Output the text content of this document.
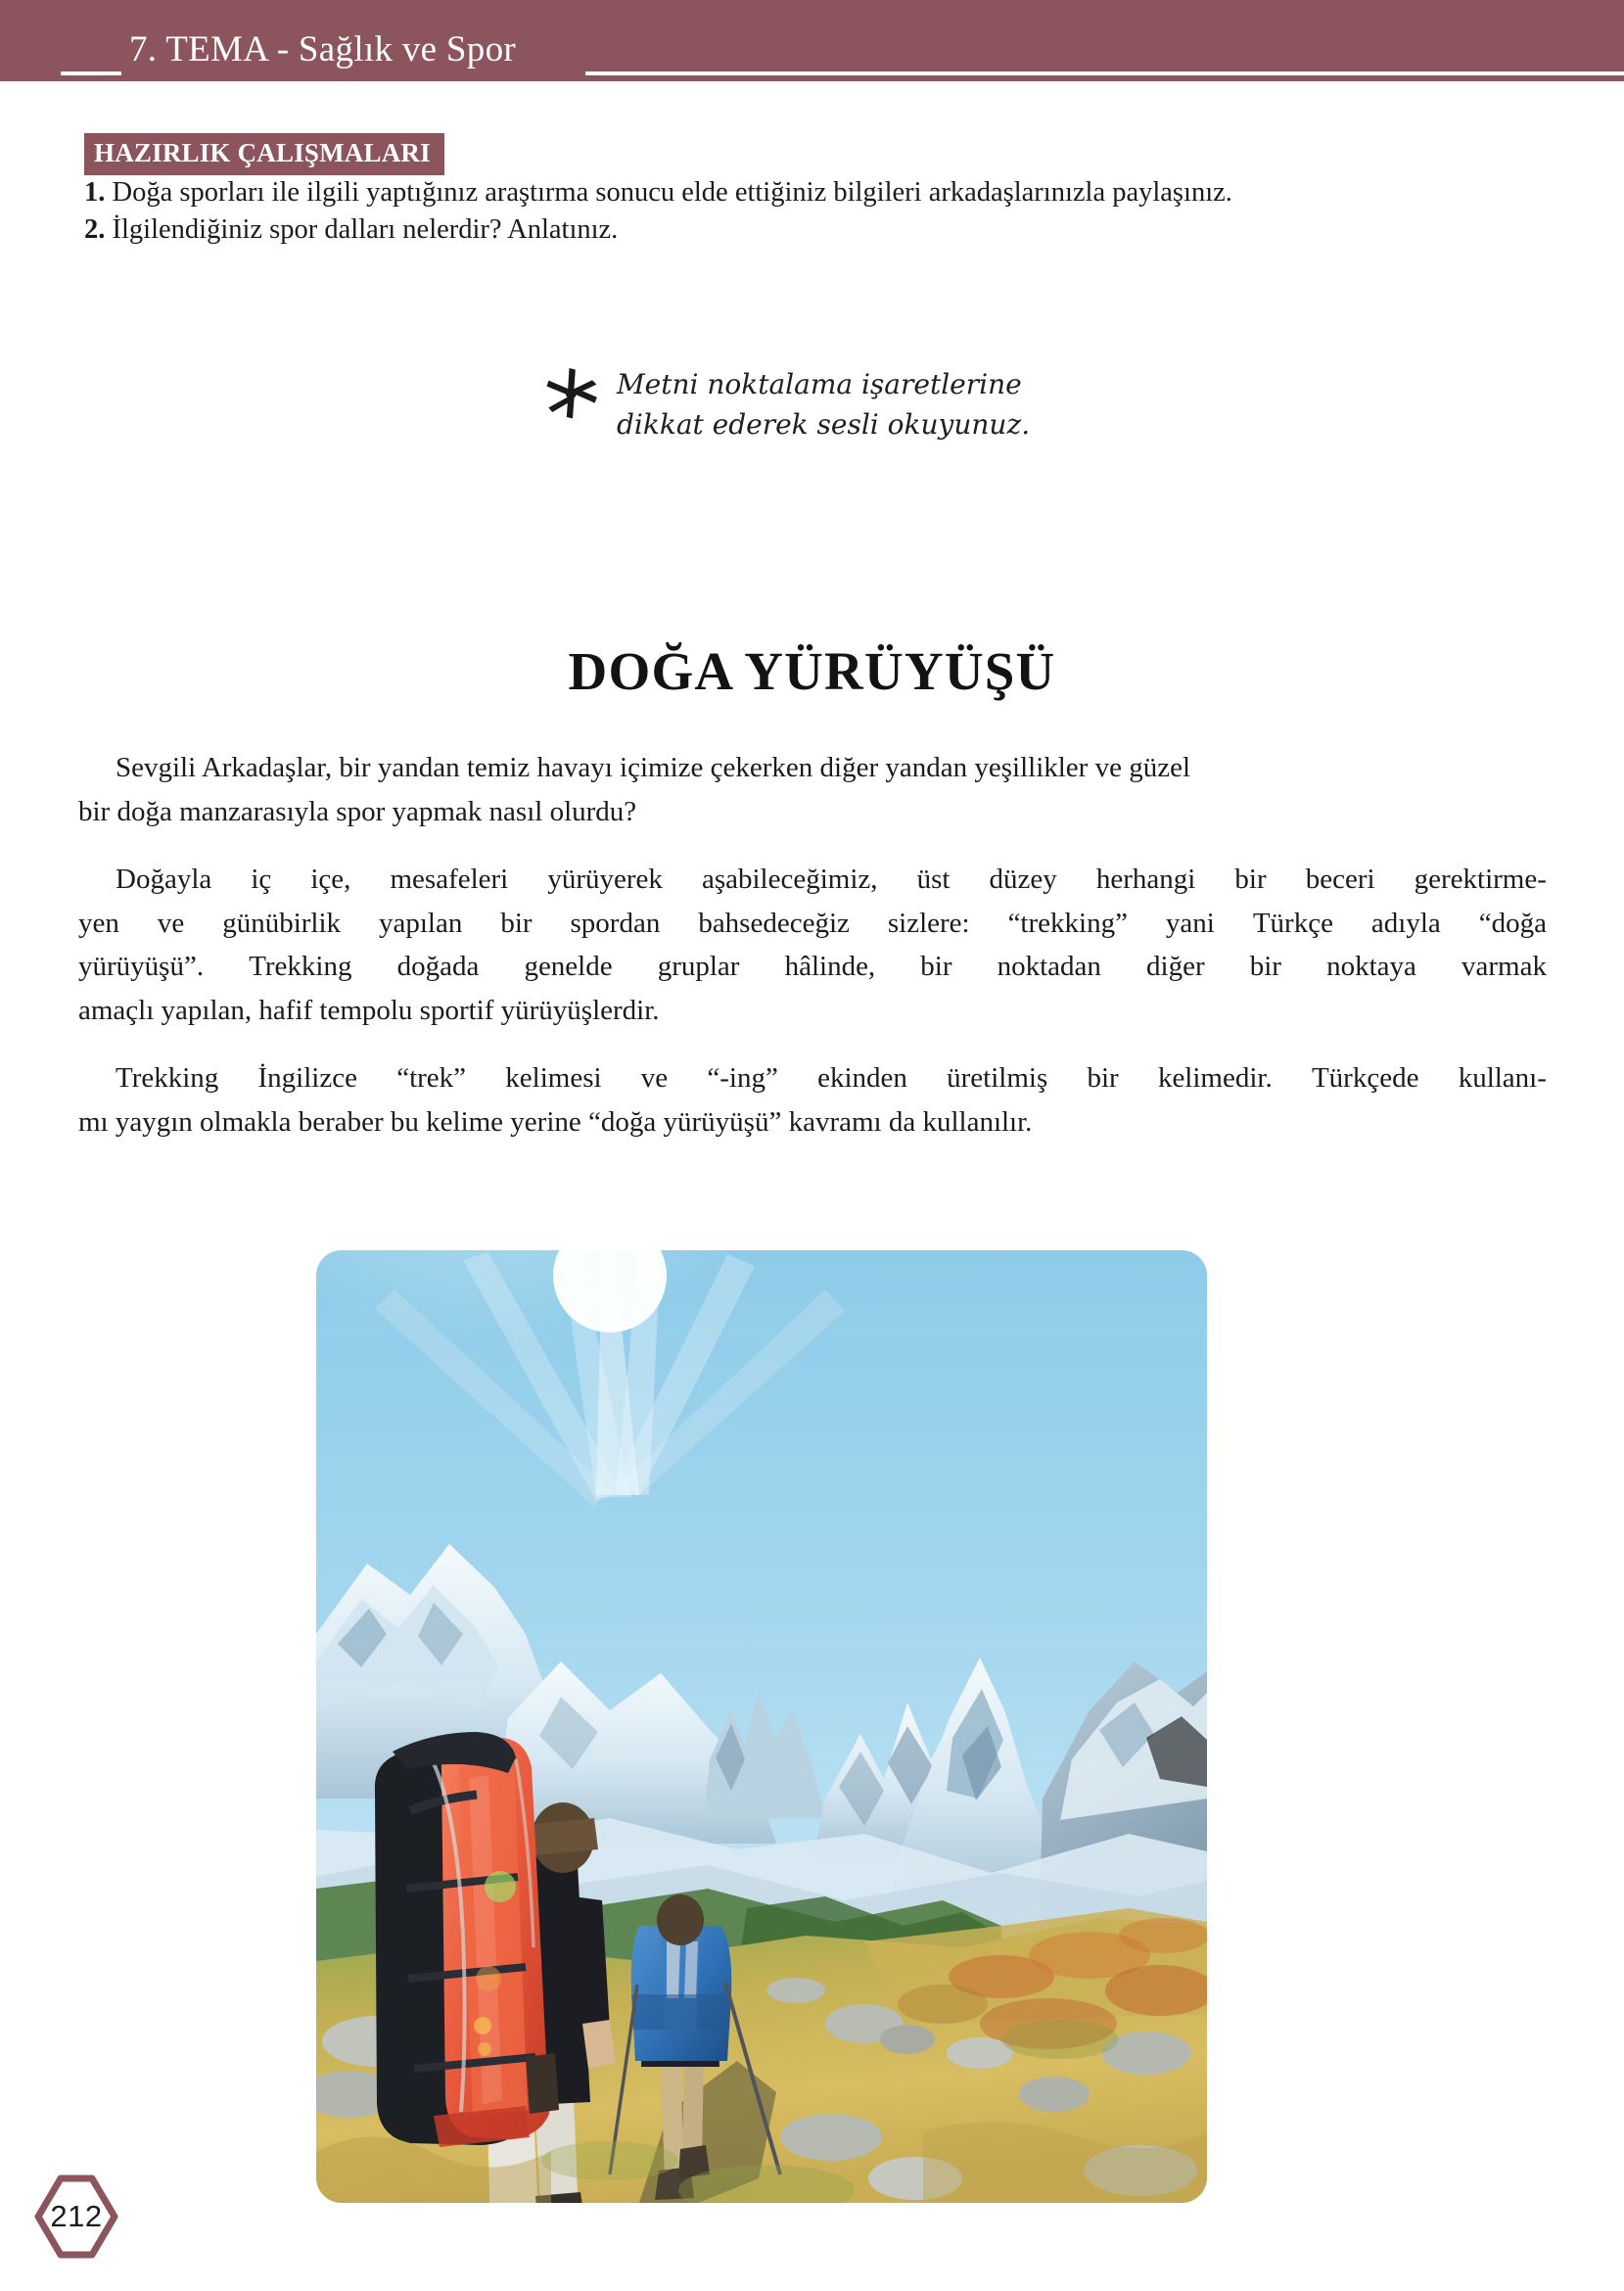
7. TEMA - Sağlık ve Spor
HAZIRLIK ÇALIŞMALARI
1. Doğa sporları ile ilgili yaptığınız araştırma sonucu elde ettiğiniz bilgileri arkadaşlarınızla paylaşınız.
2. İlgilendiğiniz spor dalları nelerdir? Anlatınız.
Metni noktalama işaretlerine
dikkat ederek sesli okuyunuz.
DOĞA YÜRÜYÜŞÜ

Sevgili Arkadaşlar, bir yandan temiz havayı içimize çekerken diğer yandan yeşillikler ve güzel
bir doğa manzarasıyla spor yapmak nasıl olurdu?

Doğayla iç içe, mesafeleri yürüyerek aşabileceğimiz, üst düzey herhangi bir beceri gerektirme-
yen ve günübirlik yapılan bir spordan bahsedeceğiz sizlere: “trekking” yani Türkçe adıyla “doğa
yürüyüşü”. Trekking doğada genelde gruplar hâlinde, bir noktadan diğer bir noktaya varmak
amaçlı yapılan, hafif tempolu sportif yürüyüşlerdir.

Trekking İngilizce “trek” kelimesi ve “-ing” ekinden üretilmiş bir kelimedir. Türkçede kullanı-
mı yaygın olmakla beraber bu kelime yerine “doğa yürüyüşü” kavramı da kullanılır.

212
